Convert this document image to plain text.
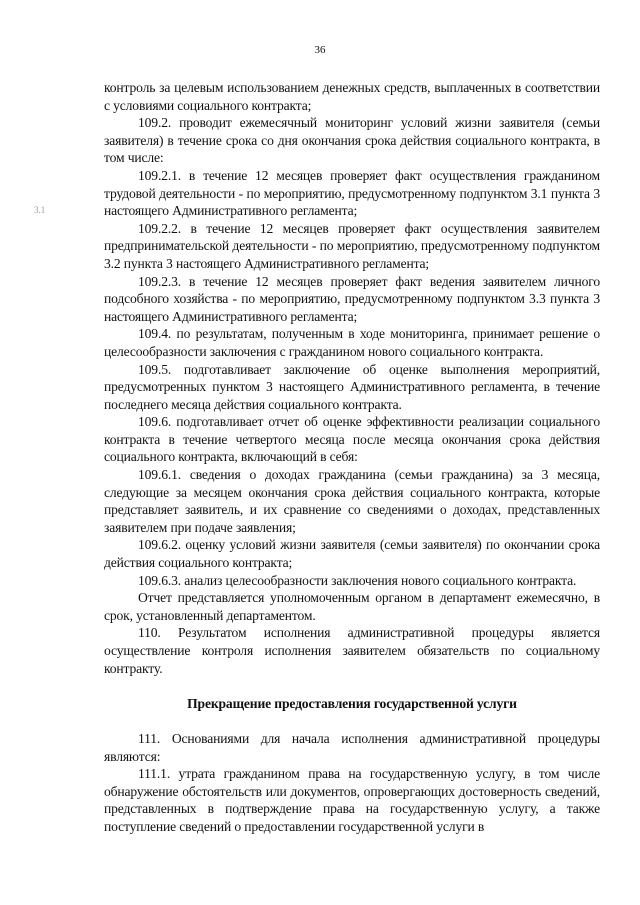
36
3.1

контроль за целевым использованием денежных средств, выплаченных в соответствии с условиями социального контракта;

109.2. проводит ежемесячный мониторинг условий жизни заявителя (семьи заявителя) в течение срока со дня окончания срока действия социального контракта, в том числе:

109.2.1. в течение 12 месяцев проверяет факт осуществления гражданином трудовой деятельности - по мероприятию, предусмотренному подпунктом 3.1 пункта 3 настоящего Административного регламента;

109.2.2. в течение 12 месяцев проверяет факт осуществления заявителем предпринимательской деятельности - по мероприятию, предусмотренному подпунктом 3.2 пункта 3 настоящего Административного регламента;

109.2.3. в течение 12 месяцев проверяет факт ведения заявителем личного подсобного хозяйства - по мероприятию, предусмотренному подпунктом 3.3 пункта 3 настоящего Административного регламента;

109.4. по результатам, полученным в ходе мониторинга, принимает решение о целесообразности заключения с гражданином нового социального контракта.

109.5. подготавливает заключение об оценке выполнения мероприятий, предусмотренных пунктом 3 настоящего Административного регламента, в течение последнего месяца действия социального контракта.

109.6. подготавливает отчет об оценке эффективности реализации социального контракта в течение четвертого месяца после месяца окончания срока действия социального контракта, включающий в себя:

109.6.1. сведения о доходах гражданина (семьи гражданина) за 3 месяца, следующие за месяцем окончания срока действия социального контракта, которые представляет заявитель, и их сравнение со сведениями о доходах, представленных заявителем при подаче заявления;

109.6.2. оценку условий жизни заявителя (семьи заявителя) по окончании срока действия социального контракта;

109.6.3. анализ целесообразности заключения нового социального контракта.

Отчет представляется уполномоченным органом в департамент ежемесячно, в срок, установленный департаментом.

110. Результатом исполнения административной процедуры является осуществление контроля исполнения заявителем обязательств по социальному контракту.

Прекращение предоставления государственной услуги

111. Основаниями для начала исполнения административной процедуры являются:

111.1. утрата гражданином права на государственную услугу, в том числе обнаружение обстоятельств или документов, опровергающих достоверность сведений, представленных в подтверждение права на государственную услугу, а также поступление сведений о предоставлении государственной услуги в
